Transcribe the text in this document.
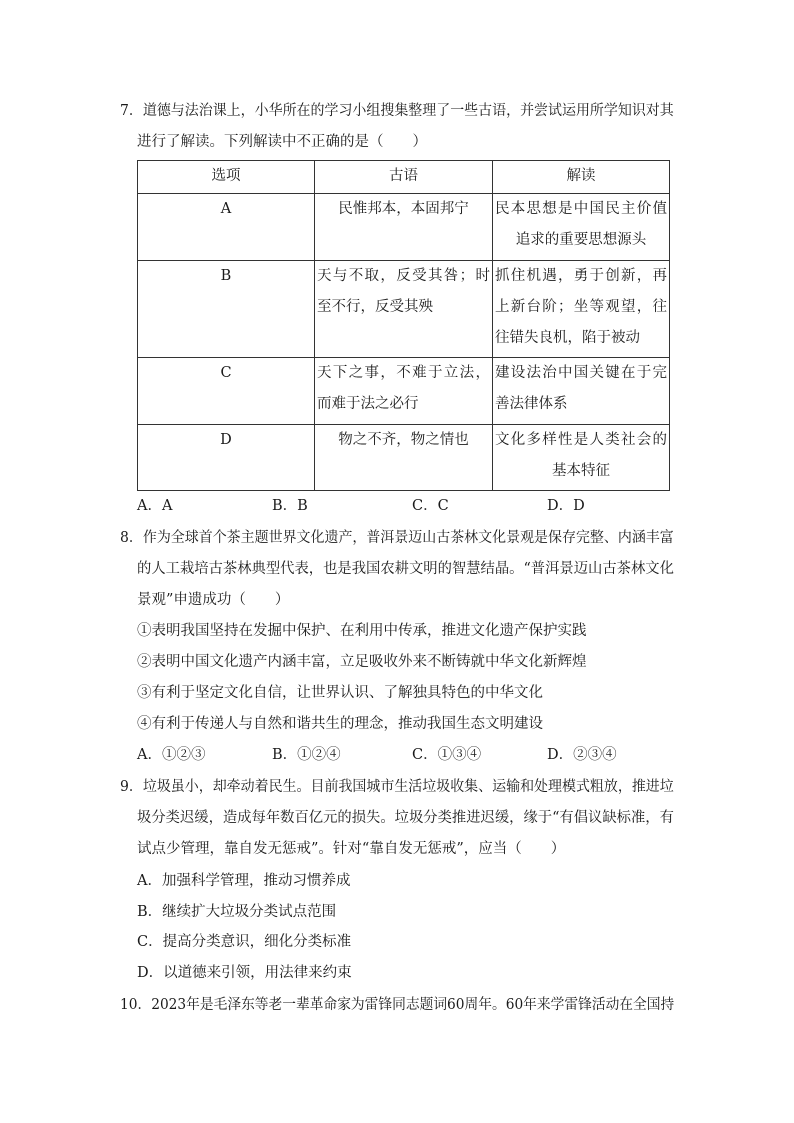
7．道德与法治课上，小华所在的学习小组搜集整理了一些古语，并尝试运用所学知识对其
进行了解读。下列解读中不正确的是（　　）
选项	古语	解读
A	民惟邦本，本固邦宁	民本思想是中国民主价值追求的重要思想源头
B	天与不取，反受其咎；时至不行，反受其殃	抓住机遇，勇于创新，再上新台阶；坐等观望，往往错失良机，陷于被动
C	天下之事，不难于立法，而难于法之必行	建设法治中国关键在于完善法律体系
D	物之不齐，物之情也	文化多样性是人类社会的基本特征
A．A	B．B	C．C	D．D
8．作为全球首个茶主题世界文化遗产，普洱景迈山古茶林文化景观是保存完整、内涵丰富
的人工栽培古茶林典型代表，也是我国农耕文明的智慧结晶。“普洱景迈山古茶林文化
景观”申遗成功（　　）
①表明我国坚持在发掘中保护、在利用中传承，推进文化遗产保护实践
②表明中国文化遗产内涵丰富，立足吸收外来不断铸就中华文化新辉煌
③有利于坚定文化自信，让世界认识、了解独具特色的中华文化
④有利于传递人与自然和谐共生的理念，推动我国生态文明建设
A．①②③	B．①②④	C．①③④	D．②③④
9．垃圾虽小，却牵动着民生。目前我国城市生活垃圾收集、运输和处理模式粗放，推进垃
圾分类迟缓，造成每年数百亿元的损失。垃圾分类推进迟缓，缘于“有倡议缺标准，有
试点少管理，靠自发无惩戒”。针对“靠自发无惩戒”，应当（　　）
A．加强科学管理，推动习惯养成
B．继续扩大垃圾分类试点范围
C．提高分类意识，细化分类标准
D．以道德来引领，用法律来约束
10．2023年是毛泽东等老一辈革命家为雷锋同志题词60周年。60年来学雷锋活动在全国持
